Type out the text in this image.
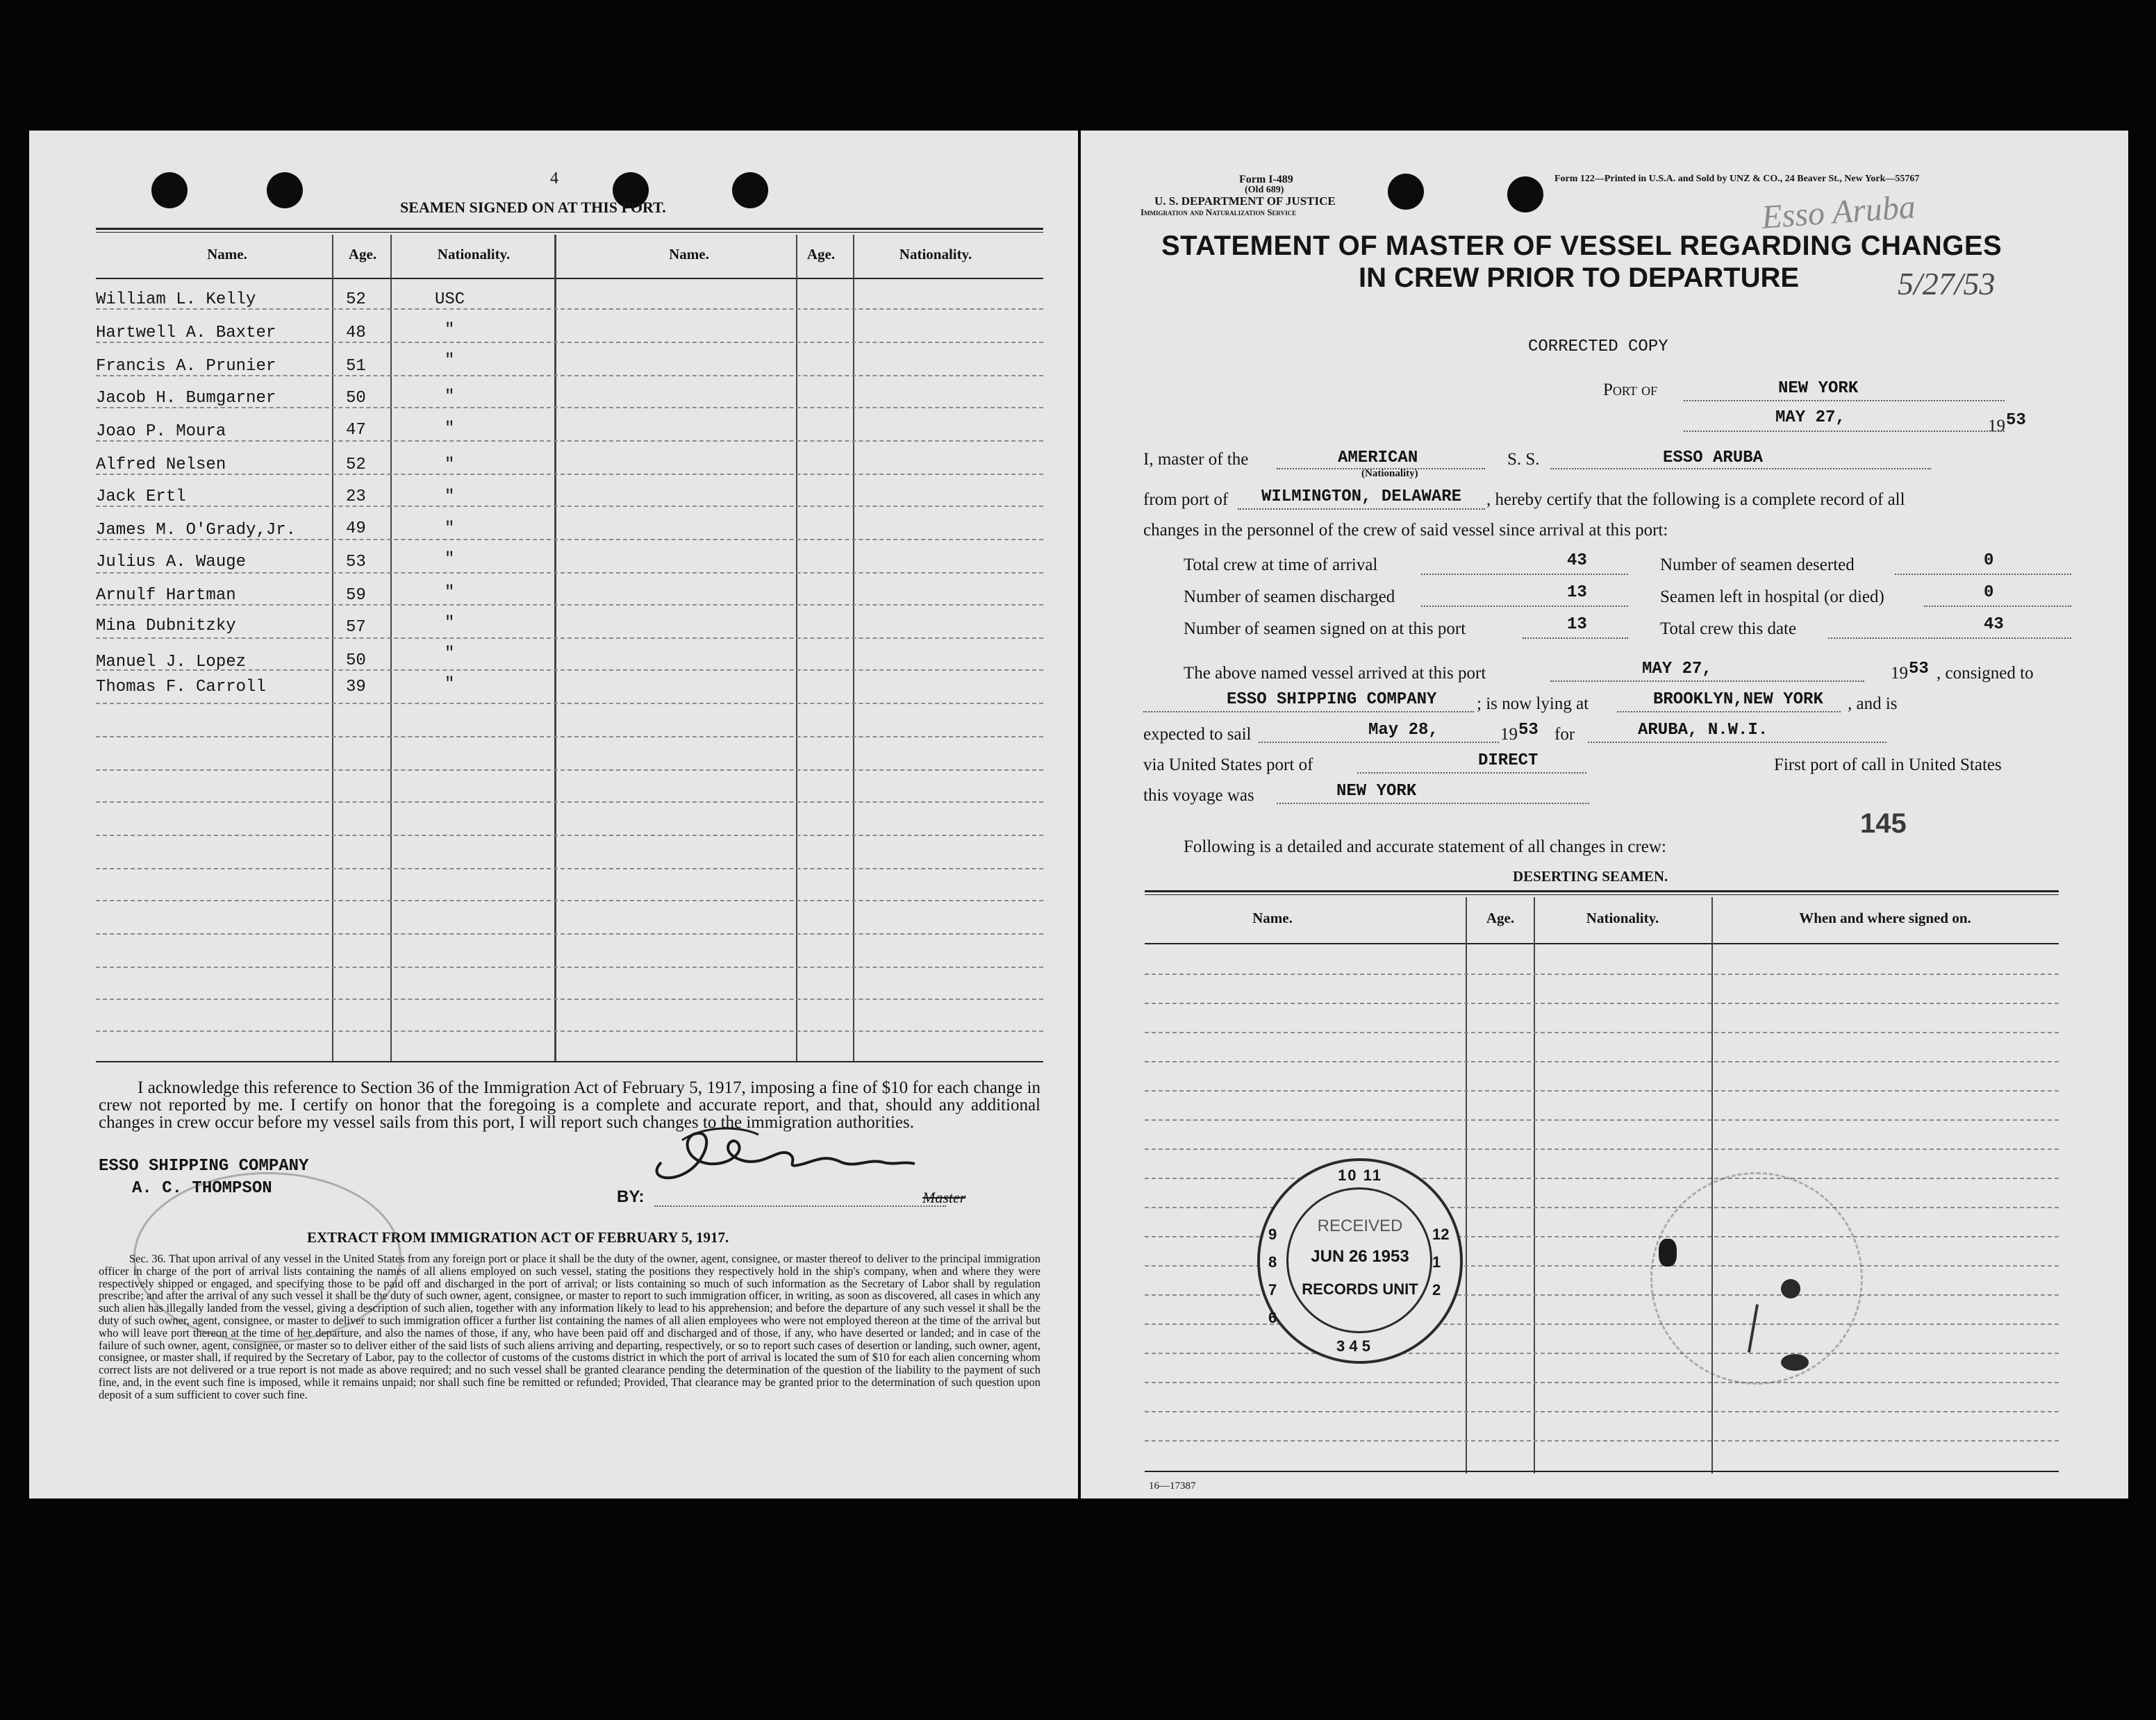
4
SEAMEN SIGNED ON AT THIS PORT.
Name.	Age.	Nationality.	Name.	Age.	Nationality.
William L. Kelly	52	USC
Hartwell A. Baxter	48	"
Francis A. Prunier	51	"
Jacob H. Bumgarner	50	"
Joao P. Moura	47	"
Alfred Nelsen	52	"
Jack Ertl	23	"
James M. O'Grady,Jr.	49	"
Julius A. Wauge	53	"
Arnulf Hartman	59	"
Mina Dubnitzky	57	"
Manuel J. Lopez	50	"
Thomas F. Carroll	39	"
I acknowledge this reference to Section 36 of the Immigration Act of February 5, 1917, imposing a fine of $10 for each change in crew not reported by me. I certify on honor that the foregoing is a complete and accurate report, and that, should any additional changes in crew occur before my vessel sails from this port, I will report such changes to the immigration authorities.
ESSO SHIPPING COMPANY
A. C. THOMPSON	BY:	Master
EXTRACT FROM IMMIGRATION ACT OF FEBRUARY 5, 1917.
Sec. 36. That upon arrival of any vessel in the United States from any foreign port or place it shall be the duty of the owner, agent, consignee, or master thereof to deliver to the principal immigration officer in charge of the port of arrival lists containing the names of all aliens employed on such vessel, stating the positions they respectively hold in the ship's company, when and where they were respectively shipped or engaged, and specifying those to be paid off and discharged in the port of arrival; or lists containing so much of such information as the Secretary of Labor shall by regulation prescribe; and after the arrival of any such vessel it shall be the duty of such owner, agent, consignee, or master to report to such immigration officer, in writing, as soon as discovered, all cases in which any such alien has illegally landed from the vessel, giving a description of such alien, together with any information likely to lead to his apprehension; and before the departure of any such vessel it shall be the duty of such owner, agent, consignee, or master to deliver to such immigration officer a further list containing the names of all alien employees who were not employed thereon at the time of the arrival but who will leave port thereon at the time of her departure, and also the names of those, if any, who have been paid off and discharged and of those, if any, who have deserted or landed; and in case of the failure of such owner, agent, consignee, or master so to deliver either of the said lists of such aliens arriving and departing, respectively, or so to report such cases of desertion or landing, such owner, agent, consignee, or master shall, if required by the Secretary of Labor, pay to the collector of customs of the customs district in which the port of arrival is located the sum of $10 for each alien concerning whom correct lists are not delivered or a true report is not made as above required; and no such vessel shall be granted clearance pending the determination of the question of the liability to the payment of such fine, and, in the event such fine is imposed, while it remains unpaid; nor shall such fine be remitted or refunded; Provided, That clearance may be granted prior to the determination of such question upon deposit of a sum sufficient to cover such fine.
Form I-489
(Old 689)
U. S. DEPARTMENT OF JUSTICE
Immigration and Naturalization Service
Form 122—Printed in U.S.A. and Sold by UNZ & CO., 24 Beaver St., New York—55767
Esso Aruba
5/27/53
STATEMENT OF MASTER OF VESSEL REGARDING CHANGES
IN CREW PRIOR TO DEPARTURE
CORRECTED COPY
Port of	NEW YORK
MAY 27,	19 53
I, master of the	AMERICAN
(Nationality)
S. S.	ESSO ARUBA
from port of WILMINGTON, DELAWARE , hereby certify that the following is a complete record of all
changes in the personnel of the crew of said vessel since arrival at this port:
Total crew at time of arrival	43
Number of seamen discharged	13
Number of seamen signed on at this port	13
Number of seamen deserted	0
Seamen left in hospital (or died)	0
Total crew this date	43
The above named vessel arrived at this port	MAY 27,	19 53 , consigned to
ESSO SHIPPING COMPANY ; is now lying at	BROOKLYN,NEW YORK , and is
expected to sail	May 28,	19 53 for	ARUBA, N.W.I.
via United States port of	DIRECT	First port of call in United States
this voyage was	NEW YORK
145
Following is a detailed and accurate statement of all changes in crew:
DESERTING SEAMEN.
Name.	Age.	Nationality.	When and where signed on.
10 11
12
1
2
3 4 5
9
8
7
6
RECEIVED
JUN 26 1953
RECORDS UNIT
16—17387
